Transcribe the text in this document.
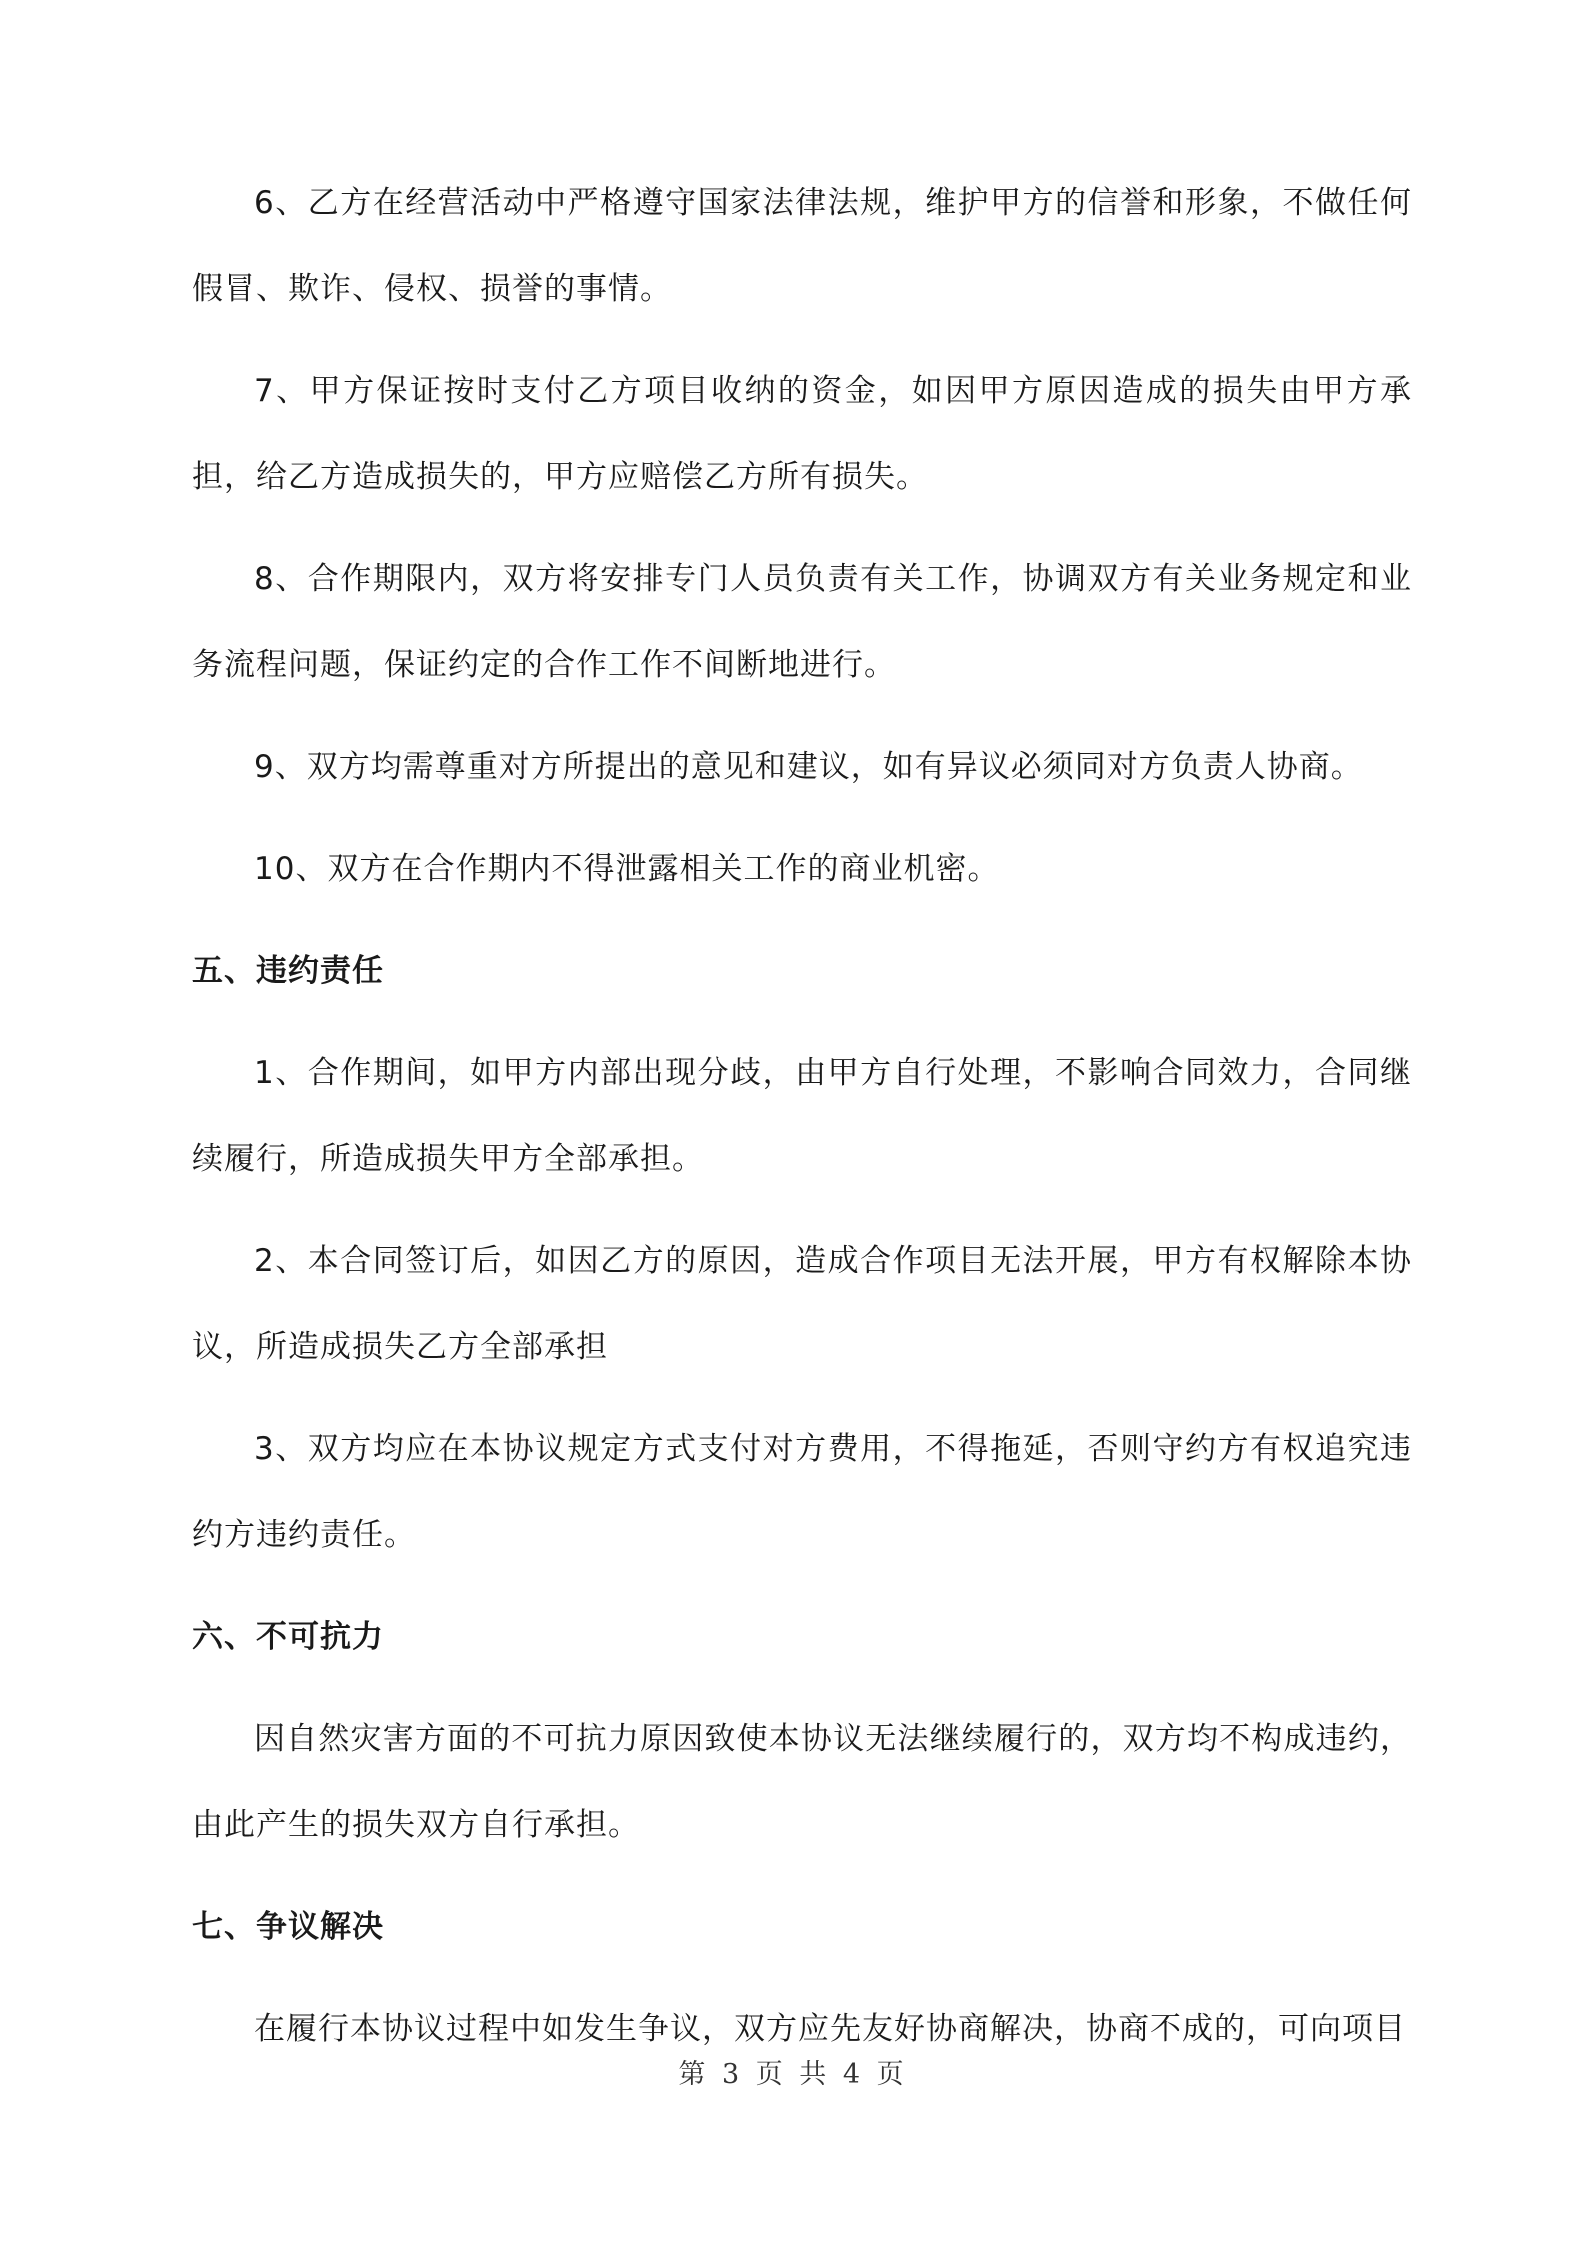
6、乙方在经营活动中严格遵守国家法律法规，维护甲方的信誉和形象，不做任何假冒、欺诈、侵权、损誉的事情。

7、甲方保证按时支付乙方项目收纳的资金，如因甲方原因造成的损失由甲方承担，给乙方造成损失的，甲方应赔偿乙方所有损失。

8、合作期限内，双方将安排专门人员负责有关工作，协调双方有关业务规定和业务流程问题，保证约定的合作工作不间断地进行。

9、双方均需尊重对方所提出的意见和建议，如有异议必须同对方负责人协商。

10、双方在合作期内不得泄露相关工作的商业机密。

五、违约责任

1、合作期间，如甲方内部出现分歧，由甲方自行处理，不影响合同效力，合同继续履行，所造成损失甲方全部承担。

2、本合同签订后，如因乙方的原因，造成合作项目无法开展，甲方有权解除本协议，所造成损失乙方全部承担

3、双方均应在本协议规定方式支付对方费用，不得拖延，否则守约方有权追究违约方违约责任。

六、不可抗力

因自然灾害方面的不可抗力原因致使本协议无法继续履行的，双方均不构成违约，由此产生的损失双方自行承担。

七、争议解决

在履行本协议过程中如发生争议，双方应先友好协商解决，协商不成的，可向项目

第 3 页 共 4 页
